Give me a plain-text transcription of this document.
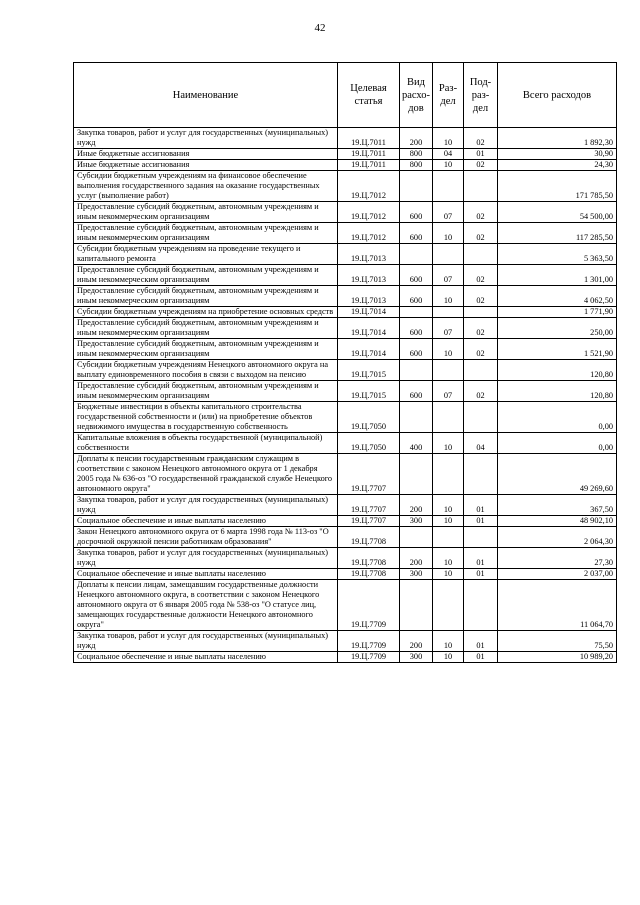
42
Наименование	Целевая статья	Вид расхо-дов	Раз-дел	Под-раз-дел	Всего расходов
Закупка товаров, работ и услуг для государственных (муниципальных) нужд	19.Ц.7011	200	10	02	1 892,30
Иные бюджетные ассигнования	19.Ц.7011	800	04	01	30,90
Иные бюджетные ассигнования	19.Ц.7011	800	10	02	24,30
Субсидии бюджетным учреждениям на финансовое обеспечение выполнения государственного задания на оказание государственных услуг (выполнение работ)	19.Ц.7012				171 785,50
Предоставление субсидий бюджетным, автономным учреждениям и иным некоммерческим организациям	19.Ц.7012	600	07	02	54 500,00
Предоставление субсидий бюджетным, автономным учреждениям и иным некоммерческим организациям	19.Ц.7012	600	10	02	117 285,50
Субсидии бюджетным учреждениям на проведение текущего и капитального ремонта	19.Ц.7013				5 363,50
Предоставление субсидий бюджетным, автономным учреждениям и иным некоммерческим организациям	19.Ц.7013	600	07	02	1 301,00
Предоставление субсидий бюджетным, автономным учреждениям и иным некоммерческим организациям	19.Ц.7013	600	10	02	4 062,50
Субсидии бюджетным учреждениям на приобретение основных средств	19.Ц.7014				1 771,90
Предоставление субсидий бюджетным, автономным учреждениям и иным некоммерческим организациям	19.Ц.7014	600	07	02	250,00
Предоставление субсидий бюджетным, автономным учреждениям и иным некоммерческим организациям	19.Ц.7014	600	10	02	1 521,90
Субсидии бюджетным учреждениям Ненецкого автономного округа на выплату единовременного пособия в связи с выходом на пенсию	19.Ц.7015				120,80
Предоставление субсидий бюджетным, автономным учреждениям и иным некоммерческим организациям	19.Ц.7015	600	07	02	120,80
Бюджетные инвестиции в объекты капитального строительства государственной собственности и (или) на приобретение объектов недвижимого имущества в государственную собственность	19.Ц.7050				0,00
Капитальные вложения в объекты государственной (муниципальной) собственности	19.Ц.7050	400	10	04	0,00
Доплаты к пенсии государственным гражданским служащим в соответствии с законом Ненецкого автономного округа от 1 декабря 2005 года № 636-оз "О государственной гражданской службе Ненецкого автономного округа"	19.Ц.7707				49 269,60
Закупка товаров, работ и услуг для государственных (муниципальных) нужд	19.Ц.7707	200	10	01	367,50
Социальное обеспечение и иные выплаты населению	19.Ц.7707	300	10	01	48 902,10
Закон Ненецкого автономного округа от 6 марта 1998 года № 113-оз "О досрочной окружной пенсии работникам образования"	19.Ц.7708				2 064,30
Закупка товаров, работ и услуг для государственных (муниципальных) нужд	19.Ц.7708	200	10	01	27,30
Социальное обеспечение и иные выплаты населению	19.Ц.7708	300	10	01	2 037,00
Доплаты к пенсии лицам, замещавшим государственные должности Ненецкого автономного округа, в соответствии с законом Ненецкого автономного округа от 6 января 2005 года № 538-оз "О статусе лиц, замещающих государственные должности Ненецкого автономного округа"	19.Ц.7709				11 064,70
Закупка товаров, работ и услуг для государственных (муниципальных) нужд	19.Ц.7709	200	10	01	75,50
Социальное обеспечение и иные выплаты населению	19.Ц.7709	300	10	01	10 989,20
